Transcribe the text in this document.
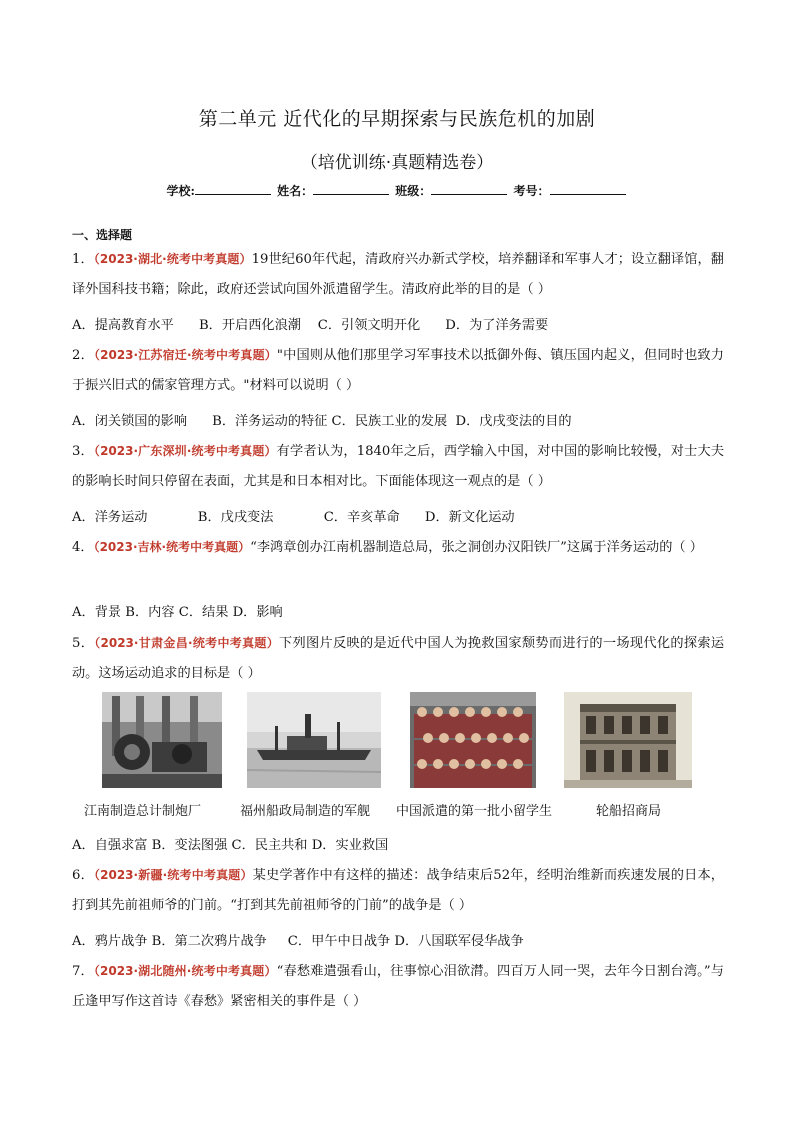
第二单元 近代化的早期探索与民族危机的加剧
（培优训练·真题精选卷）
学校:	姓名：	班级：	考号：
一、选择题
1．（2023·湖北·统考中考真题）19世纪60年代起，清政府兴办新式学校，培养翻译和军事人才；设立翻译馆，翻译外国科技书籍；除此，政府还尝试向国外派遣留学生。清政府此举的目的是（ ）
A．提高教育水平      B．开启西化浪潮    C．引领文明开化      D．为了洋务需要
2．（2023·江苏宿迁·统考中考真题）"中国则从他们那里学习军事技术以抵御外侮、镇压国内起义，但同时也致力于振兴旧式的儒家管理方式。"材料可以说明（ ）
A．闭关锁国的影响      B．洋务运动的特征 C．民族工业的发展  D．戊戌变法的目的
3．（2023·广东深圳·统考中考真题）有学者认为，1840年之后，西学输入中国，对中国的影响比较慢，对士大夫的影响长时间只停留在表面，尤其是和日本相对比。下面能体现这一观点的是（ ）
A．洋务运动            B．戊戌变法            C．辛亥革命      D．新文化运动
4．（2023·吉林·统考中考真题）“李鸿章创办江南机器制造总局，张之洞创办汉阳铁厂”这属于洋务运动的（ ）
A．背景 B．内容 C．结果 D．影响
5．（2023·甘肃金昌·统考中考真题）下列图片反映的是近代中国人为挽救国家颓势而进行的一场现代化的探索运动。这场运动追求的目标是（ ）
江南制造总计制炮厂	福州船政局制造的军舰 中国派遣的第一批小留学生	轮船招商局
A．自强求富 B．变法图强 C．民主共和 D．实业救国
6．（2023·新疆·统考中考真题）某史学著作中有这样的描述：战争结束后52年，经明治维新而疾速发展的日本，打到其先前祖师爷的门前。“打到其先前祖师爷的门前”的战争是（ ）
A．鸦片战争 B．第二次鸦片战争     C．甲午中日战争 D．八国联军侵华战争
7．（2023·湖北随州·统考中考真题）“春愁难遣强看山，往事惊心泪欲潸。四百万人同一哭，去年今日割台湾。”与丘逢甲写作这首诗《春愁》紧密相关的事件是（ ）
